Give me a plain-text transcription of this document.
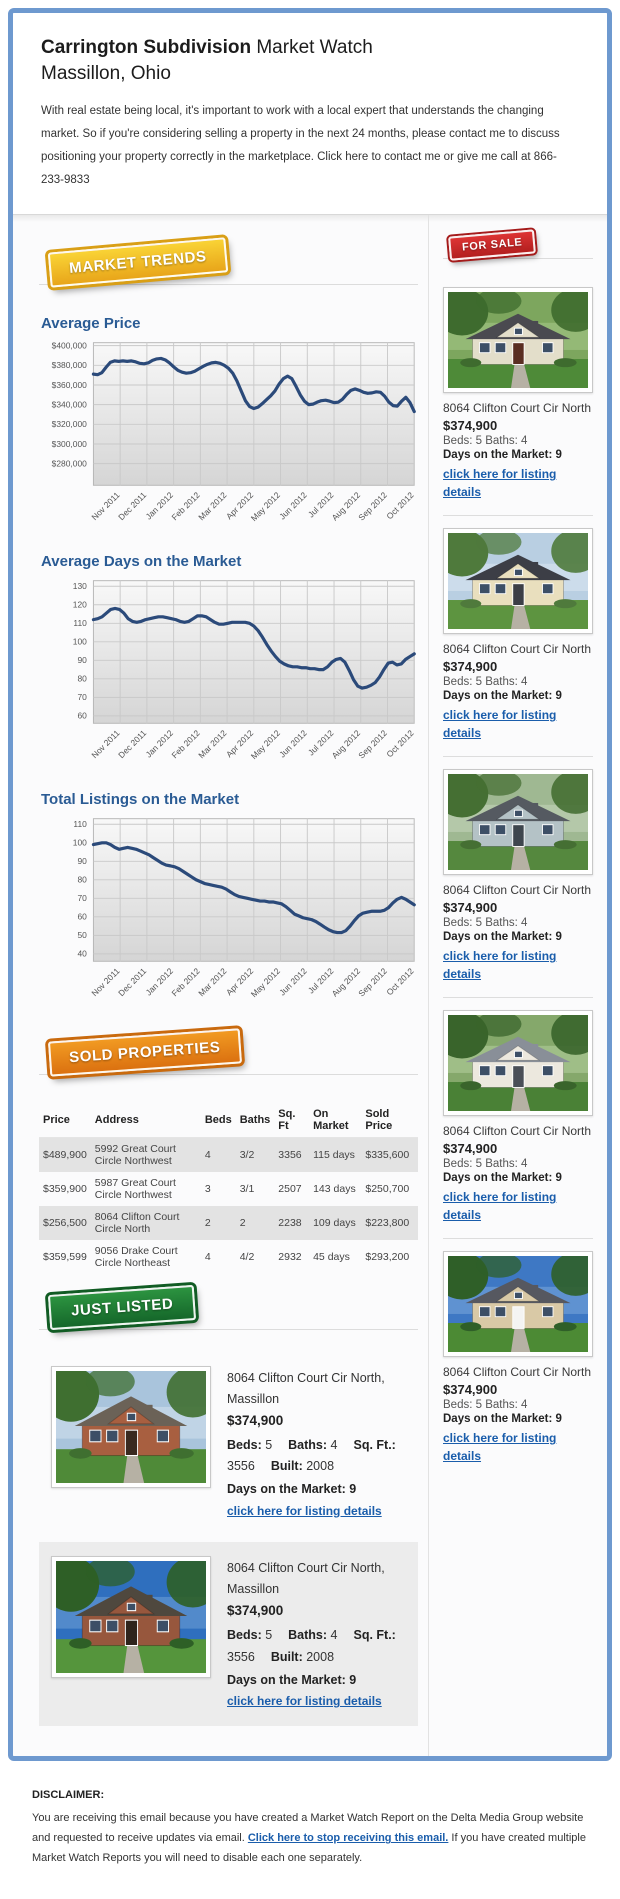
Carrington Subdivision Market Watch
Massillon, Ohio

With real estate being local, it's important to work with a local expert that understands the changing market. So if you're considering selling a property in the next 24 months, please contact me to discuss positioning your property correctly in the marketplace. Click here to contact me or give me call at 866-233-9833

MARKET TRENDS
Average Price
$280,000
$300,000
$320,000
$340,000
$360,000
$380,000
$400,000
Nov 2011
Dec 2011
Jan 2012
Feb 2012
Mar 2012
Apr 2012
May 2012
Jun 2012
Jul 2012
Aug 2012
Sep 2012
Oct 2012
Average Days on the Market
60
70
80
90
100
110
120
130
Nov 2011
Dec 2011
Jan 2012
Feb 2012
Mar 2012
Apr 2012
May 2012
Jun 2012
Jul 2012
Aug 2012
Sep 2012
Oct 2012
Total Listings on the Market
40
50
60
70
80
90
100
110
Nov 2011
Dec 2011
Jan 2012
Feb 2012
Mar 2012
Apr 2012
May 2012
Jun 2012
Jul 2012
Aug 2012
Sep 2012
Oct 2012
SOLD PROPERTIES
Price	Address	Beds	Baths	Sq. Ft	On Market	Sold Price
$489,900	5992 Great Court Circle Northwest	4	3/2	3356	115 days	$335,600
$359,900	5987 Great Court Circle Northwest	3	3/1	2507	143 days	$250,700
$256,500	8064 Clifton Court Circle North	2	2	2238	109 days	$223,800
$359,599	9056 Drake Court Circle Northeast	4	4/2	2932	45 days	$293,200
JUST LISTED
8064 Clifton Court Cir North, Massillon
$374,900
Beds: 5 Baths: 4 Sq. Ft.: 3556 Built: 2008
Days on the Market: 9
click here for listing details
8064 Clifton Court Cir North, Massillon
$374,900
Beds: 5 Baths: 4 Sq. Ft.: 3556 Built: 2008
Days on the Market: 9
click here for listing details
FOR SALE
8064 Clifton Court Cir North
$374,900
Beds: 5 Baths: 4
Days on the Market: 9
click here for listing details
8064 Clifton Court Cir North
$374,900
Beds: 5 Baths: 4
Days on the Market: 9
click here for listing details
8064 Clifton Court Cir North
$374,900
Beds: 5 Baths: 4
Days on the Market: 9
click here for listing details
8064 Clifton Court Cir North
$374,900
Beds: 5 Baths: 4
Days on the Market: 9
click here for listing details
8064 Clifton Court Cir North
$374,900
Beds: 5 Baths: 4
Days on the Market: 9
click here for listing details
DISCLAIMER:
You are receiving this email because you have created a Market Watch Report on the Delta Media Group website and requested to receive updates via email. Click here to stop receiving this email. If you have created multiple Market Watch Reports you will need to disable each one separately.
